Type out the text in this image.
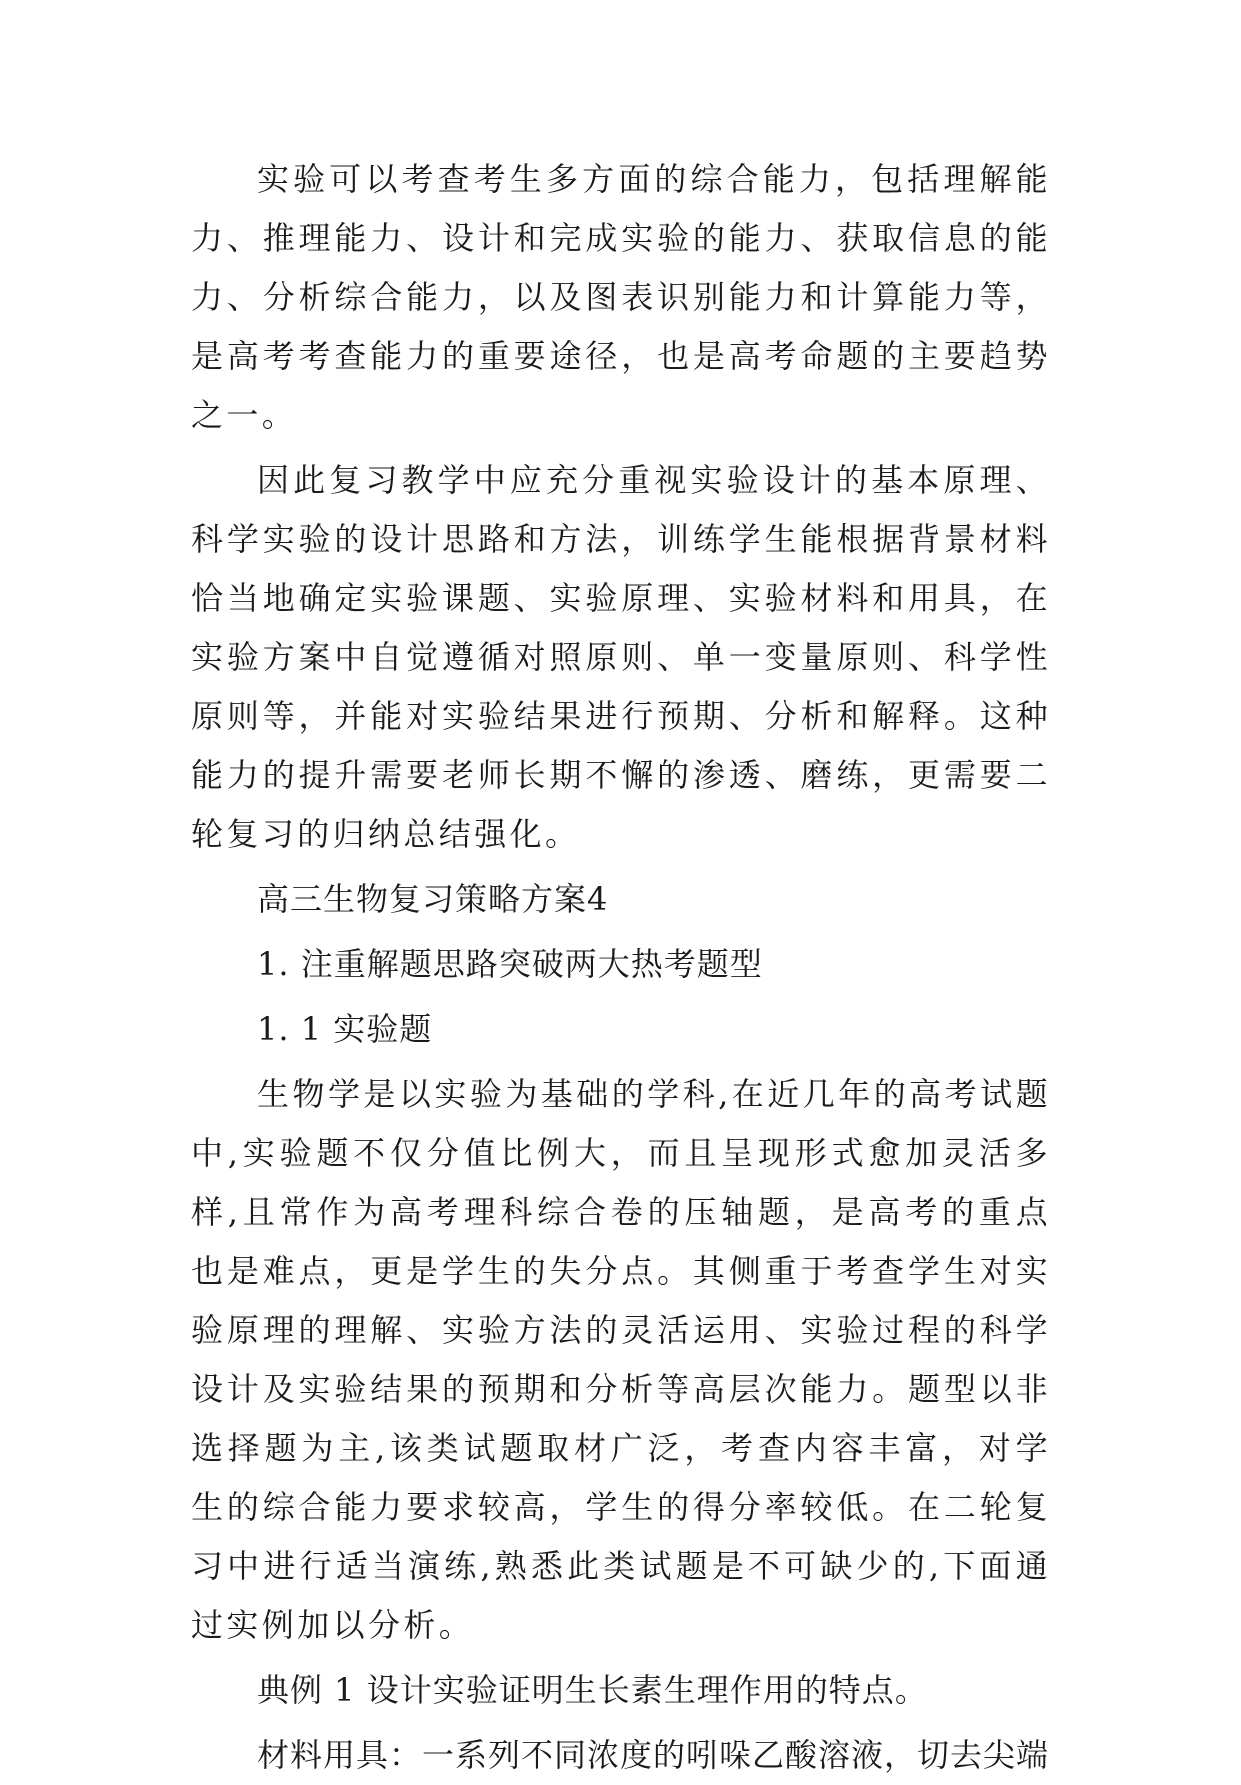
实验可以考查考生多方面的综合能力，包括理解能力、推理能力、设计和完成实验的能力、获取信息的能力、分析综合能力，以及图表识别能力和计算能力等，是高考考查能力的重要途径，也是高考命题的主要趋势之一。

因此复习教学中应充分重视实验设计的基本原理、科学实验的设计思路和方法，训练学生能根据背景材料恰当地确定实验课题、实验原理、实验材料和用具，在实验方案中自觉遵循对照原则、单一变量原则、科学性原则等，并能对实验结果进行预期、分析和解释。这种能力的提升需要老师长期不懈的渗透、磨练，更需要二轮复习的归纳总结强化。

高三生物复习策略方案4

1. 注重解题思路突破两大热考题型

1. 1 实验题

生物学是以实验为基础的学科,在近几年的高考试题中,实验题不仅分值比例大，而且呈现形式愈加灵活多样,且常作为高考理科综合卷的压轴题，是高考的重点也是难点，更是学生的失分点。其侧重于考查学生对实验原理的理解、实验方法的灵活运用、实验过程的科学设计及实验结果的预期和分析等高层次能力。题型以非选择题为主,该类试题取材广泛，考查内容丰富，对学生的综合能力要求较高，学生的得分率较低。在二轮复习中进行适当演练,熟悉此类试题是不可缺少的,下面通过实例加以分析。

典例 1 设计实验证明生长素生理作用的特点。

材料用具：一系列不同浓度的吲哚乙酸溶液，切去尖端
